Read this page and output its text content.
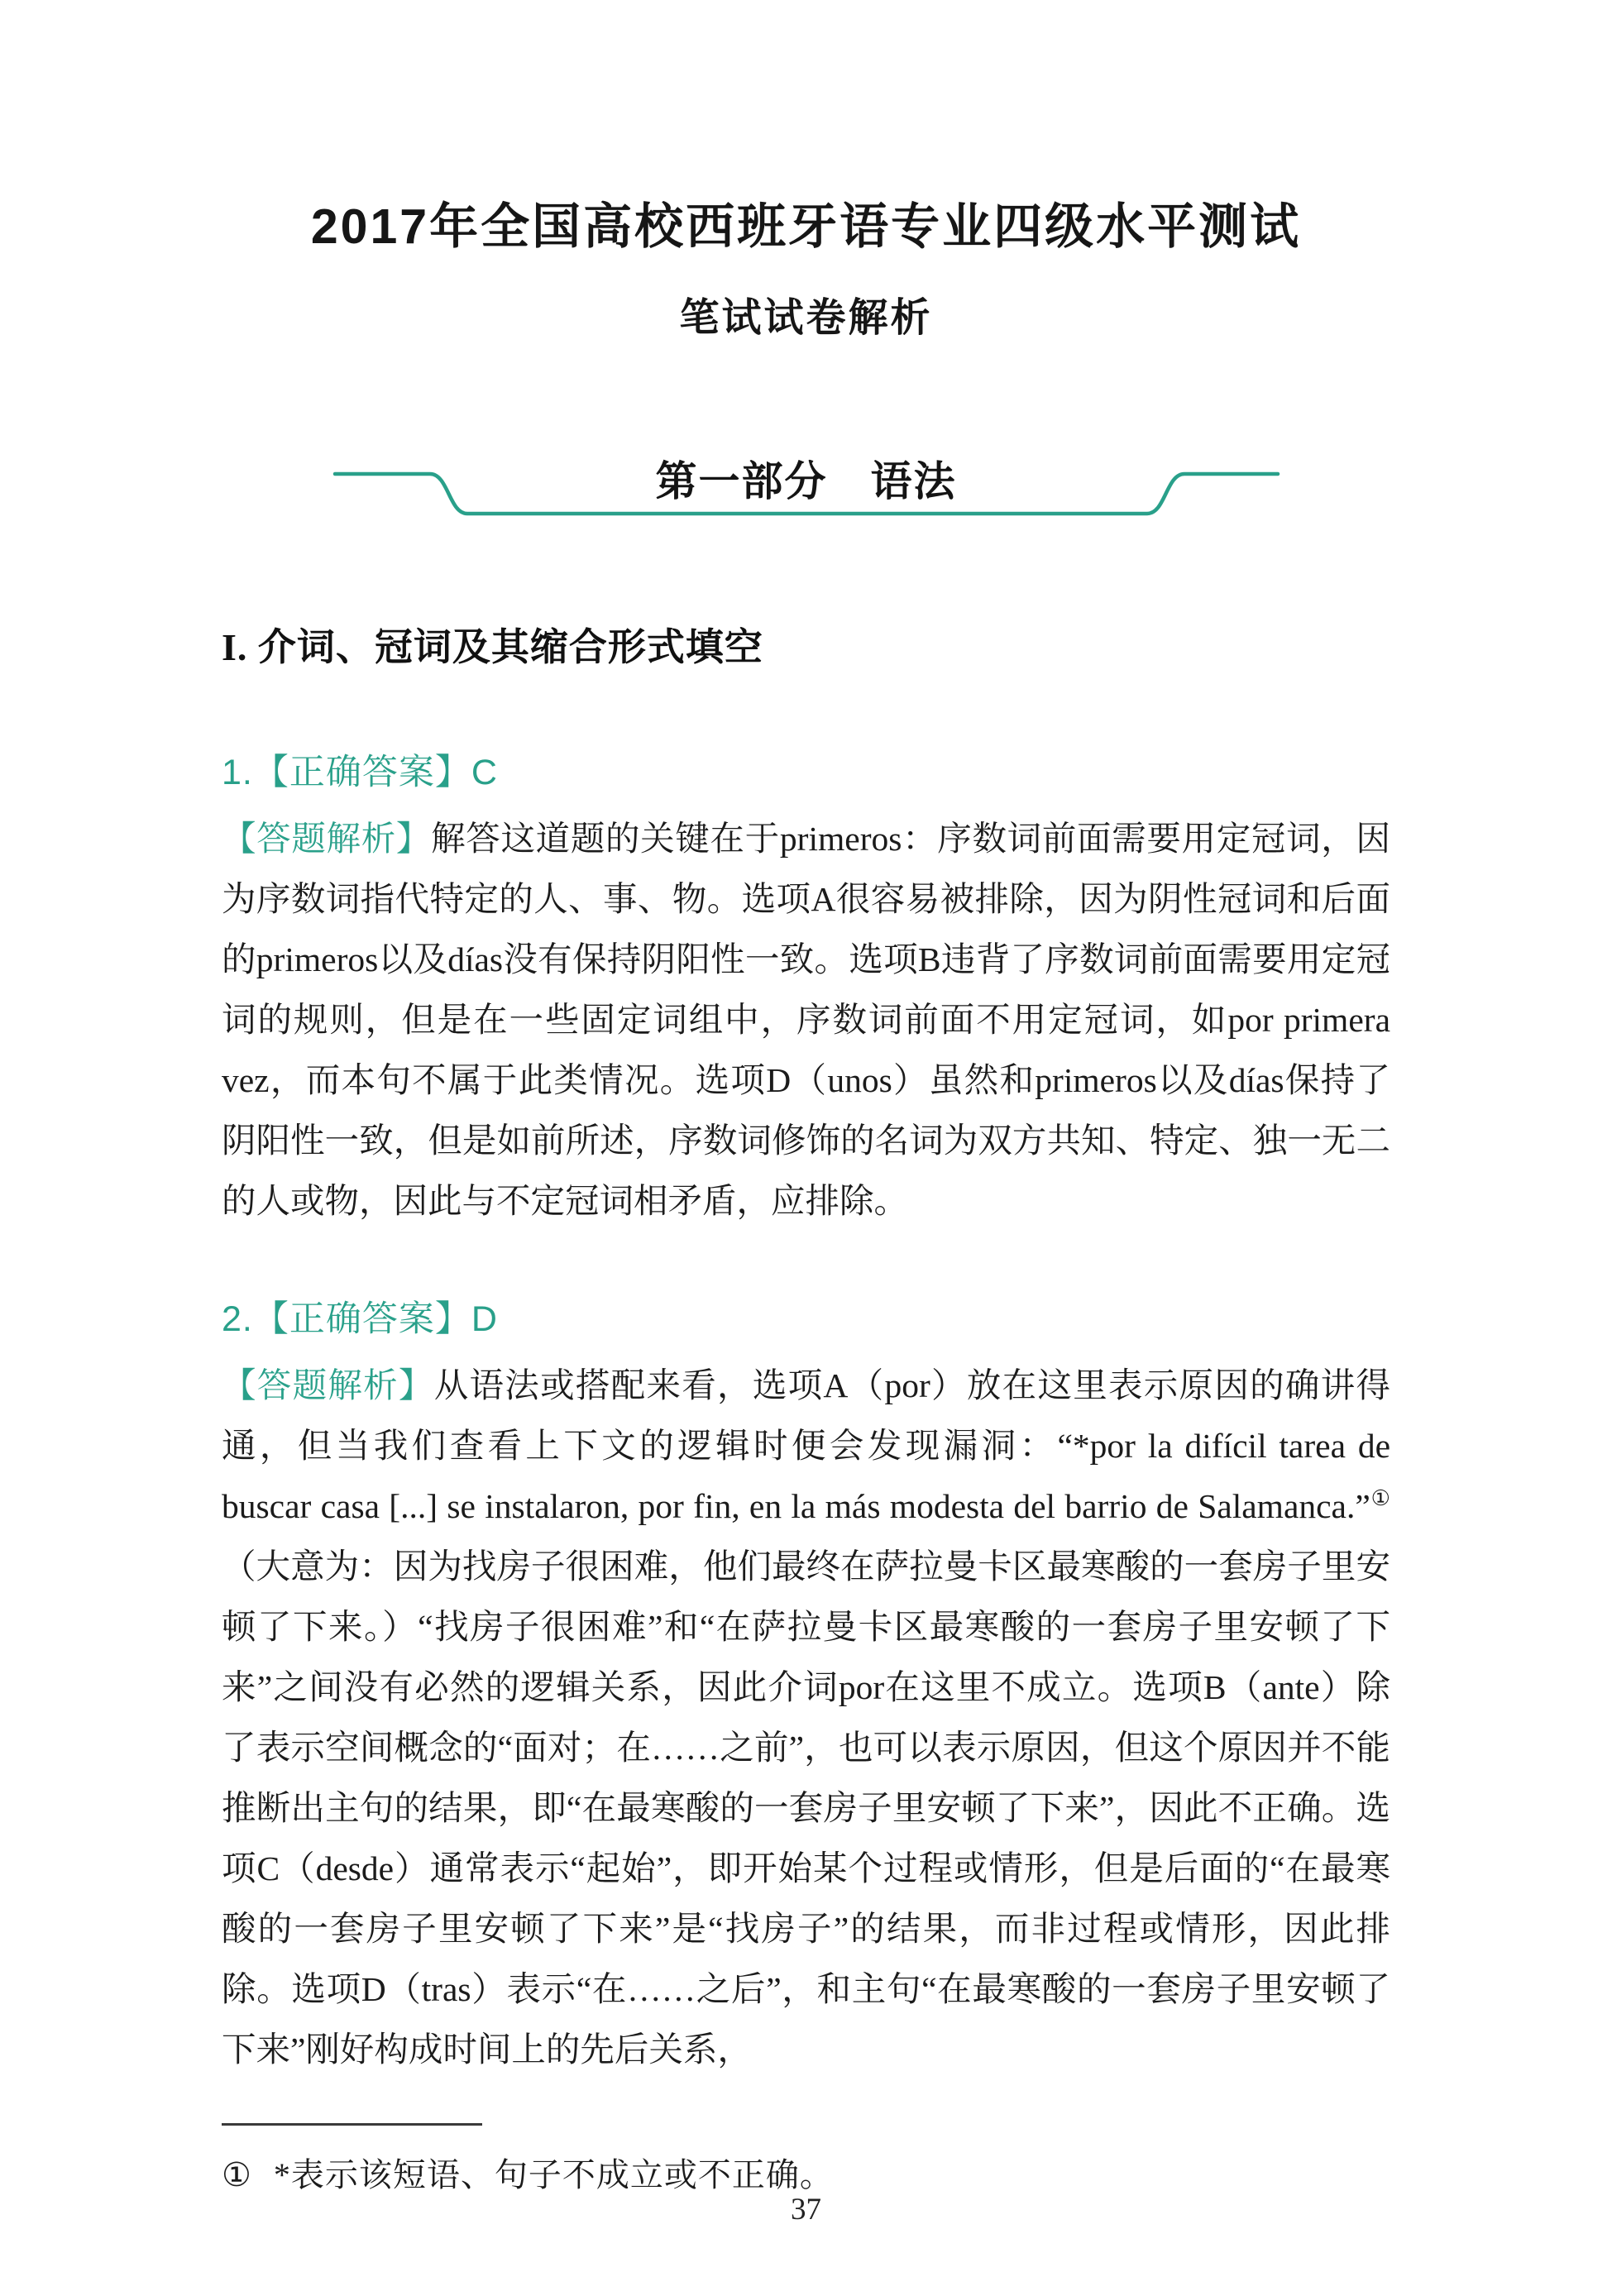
2017年全国高校西班牙语专业四级水平测试
笔试试卷解析
第一部分　语法
I. 介词、冠词及其缩合形式填空
1.【正确答案】C

【答题解析】解答这道题的关键在于primeros：序数词前面需要用定冠词，因为序数词指代特定的人、事、物。选项A很容易被排除，因为阴性冠词和后面的primeros以及días没有保持阴阳性一致。选项B违背了序数词前面需要用定冠词的规则，但是在一些固定词组中，序数词前面不用定冠词，如por primera vez，而本句不属于此类情况。选项D（unos）虽然和primeros以及días保持了阴阳性一致，但是如前所述，序数词修饰的名词为双方共知、特定、独一无二的人或物，因此与不定冠词相矛盾，应排除。

2.【正确答案】D

【答题解析】从语法或搭配来看，选项A（por）放在这里表示原因的确讲得通，但当我们查看上下文的逻辑时便会发现漏洞：“*por la difícil tarea de buscar casa [...] se instalaron, por fin, en la más modesta del barrio de Salamanca.”①（大意为：因为找房子很困难，他们最终在萨拉曼卡区最寒酸的一套房子里安顿了下来。）“找房子很困难”和“在萨拉曼卡区最寒酸的一套房子里安顿了下来”之间没有必然的逻辑关系，因此介词por在这里不成立。选项B（ante）除了表示空间概念的“面对；在……之前”，也可以表示原因，但这个原因并不能推断出主句的结果，即“在最寒酸的一套房子里安顿了下来”，因此不正确。选项C（desde）通常表示“起始”，即开始某个过程或情形，但是后面的“在最寒酸的一套房子里安顿了下来”是“找房子”的结果，而非过程或情形，因此排除。选项D（tras）表示“在……之后”，和主句“在最寒酸的一套房子里安顿了下来”刚好构成时间上的先后关系，

① *表示该短语、句子不成立或不正确。

37
